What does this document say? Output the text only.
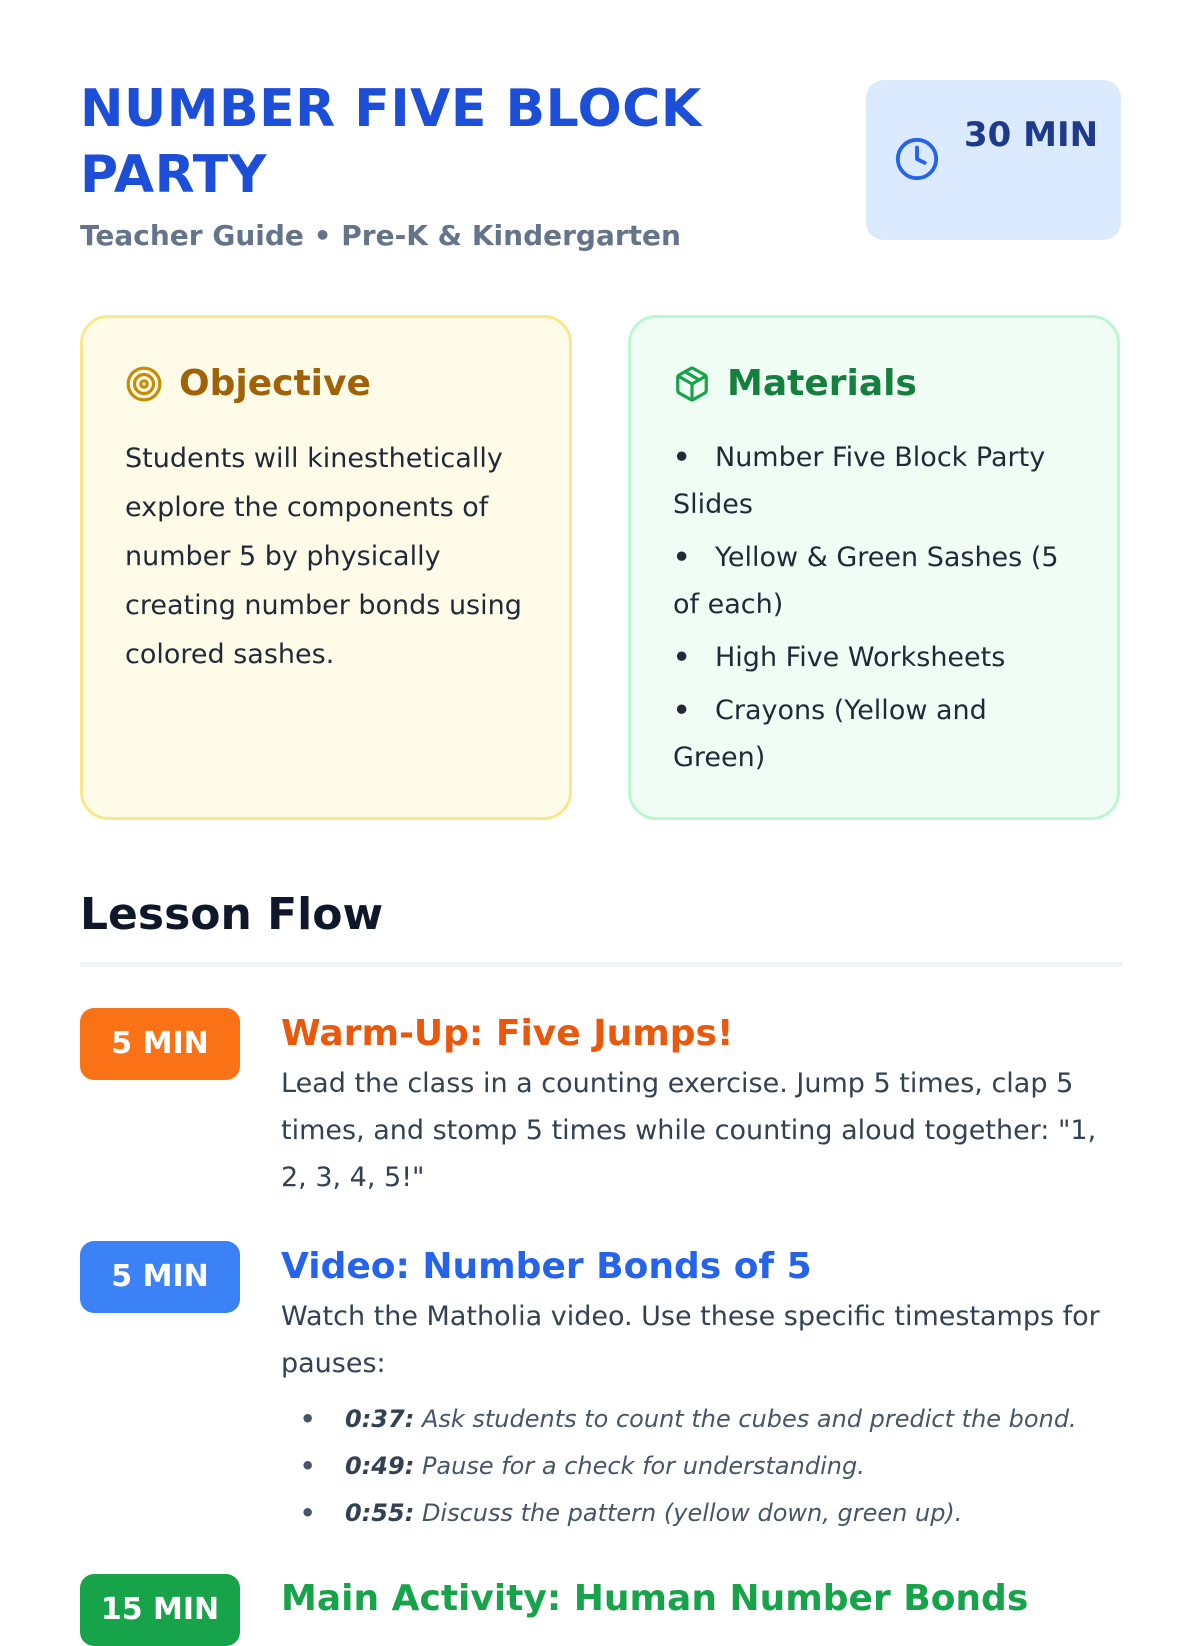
NUMBER FIVE BLOCK PARTY
Teacher Guide • Pre-K & Kindergarten
30 MIN
Objective

Students will kinesthetically explore the components of number 5 by physically creating number bonds using colored sashes.

Materials
• Number Five Block Party Slides
• Yellow & Green Sashes (5 of each)
• High Five Worksheets
• Crayons (Yellow and Green)
Lesson Flow
5 MIN	Warm-Up: Five Jumps!

Lead the class in a counting exercise. Jump 5 times, clap 5 times, and stomp 5 times while counting aloud together: "1, 2, 3, 4, 5!"

5 MIN	Video: Number Bonds of 5

Watch the Matholia video. Use these specific timestamps for pauses:

• 0:37: Ask students to count the cubes and predict the bond.
• 0:49: Pause for a check for understanding.
• 0:55: Discuss the pattern (yellow down, green up).
15 MIN	Main Activity: Human Number Bonds
